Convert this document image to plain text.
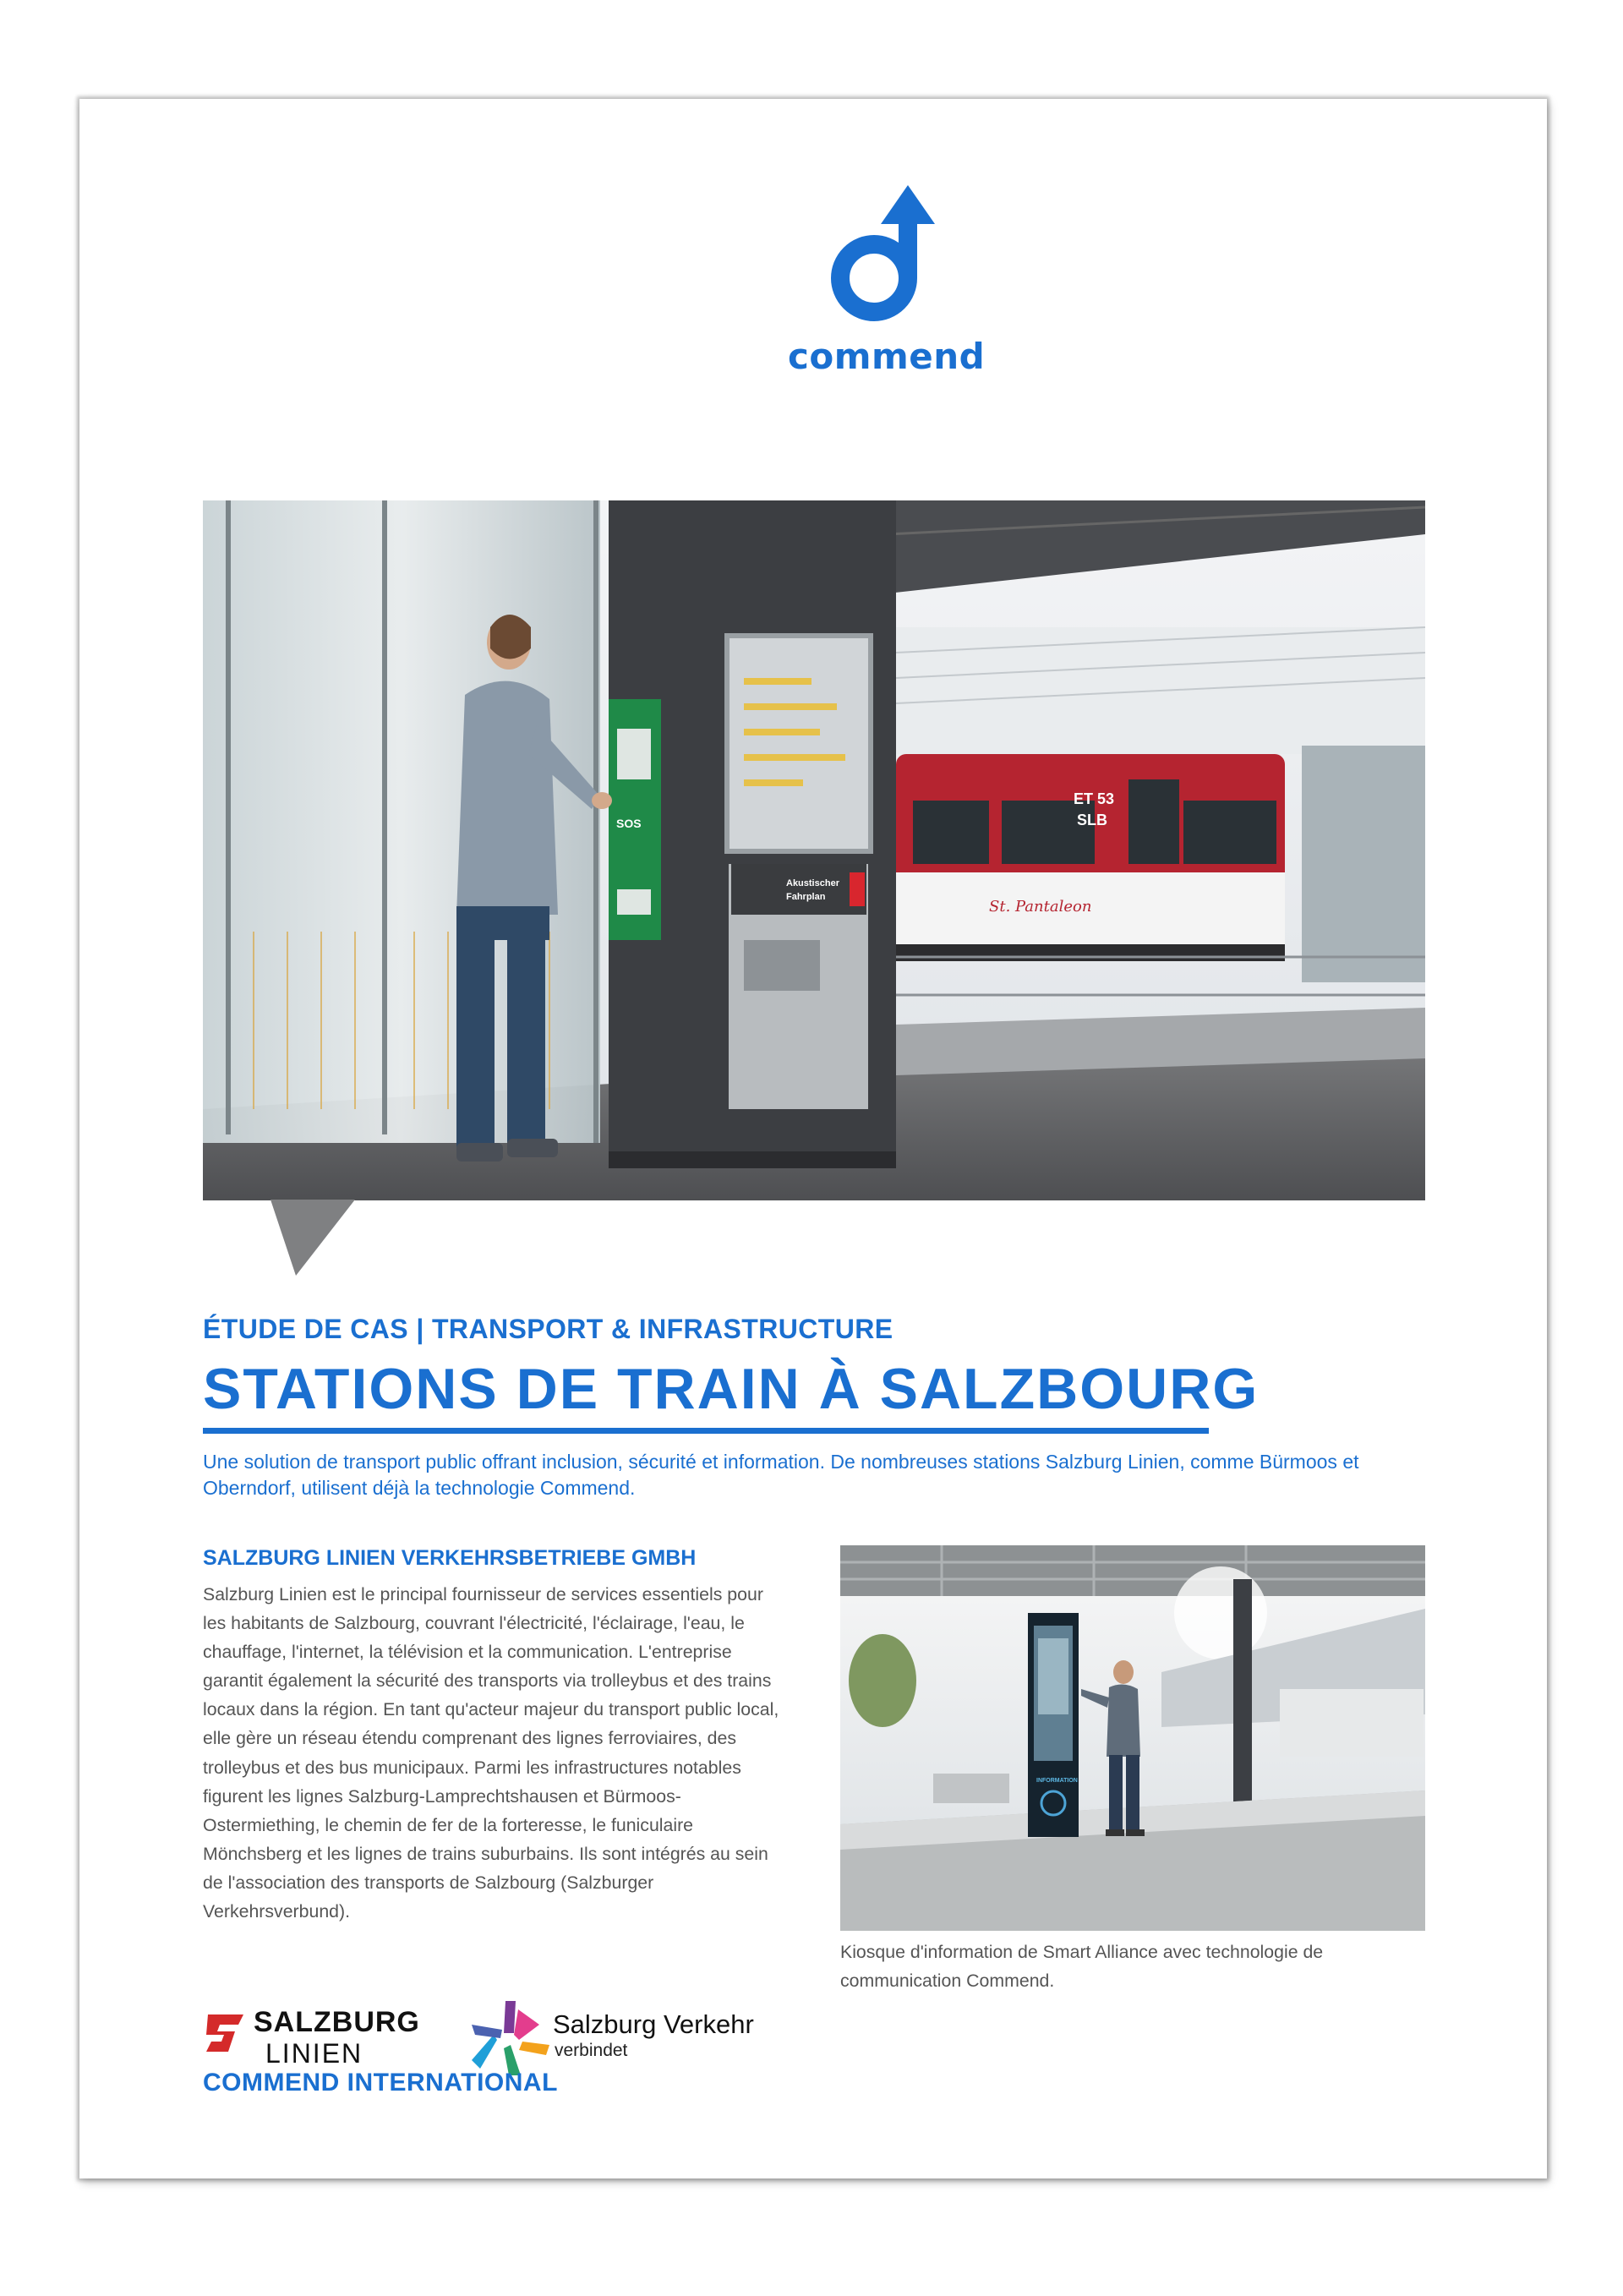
commend
ET 53
SLB
St. Pantaleon
SOS
Akustischer
Fahrplan
ÉTUDE DE CAS | TRANSPORT & INFRASTRUCTURE
STATIONS DE TRAIN À SALZBOURG

Une solution de transport public offrant inclusion, sécurité et information. De nombreuses stations Salzburg Linien, comme Bürmoos et Oberndorf, utilisent déjà la technologie Commend.

SALZBURG LINIEN VERKEHRSBETRIEBE GMBH

Salzburg Linien est le principal fournisseur de services essentiels pour les habitants de Salzbourg, couvrant l'électricité, l'éclairage, l'eau, le chauffage, l'internet, la télévision et la communication. L'entreprise garantit également la sécurité des transports via trolleybus et des trains locaux dans la région. En tant qu'acteur majeur du transport public local, elle gère un réseau étendu comprenant des lignes ferroviaires, des trolleybus et des bus municipaux. Parmi les infrastructures notables figurent les lignes Salzburg-Lamprechtshausen et Bürmoos-Ostermiething, le chemin de fer de la forteresse, le funiculaire Mönchsberg et les lignes de trains suburbains. Ils sont intégrés au sein de l'association des transports de Salzbourg (Salzburger Verkehrsverbund).

INFORMATION

Kiosque d'information de Smart Alliance avec technologie de communication Commend.

SALZBURG
LINIEN
Salzburg Verkehr
verbindet
COMMEND INTERNATIONAL
